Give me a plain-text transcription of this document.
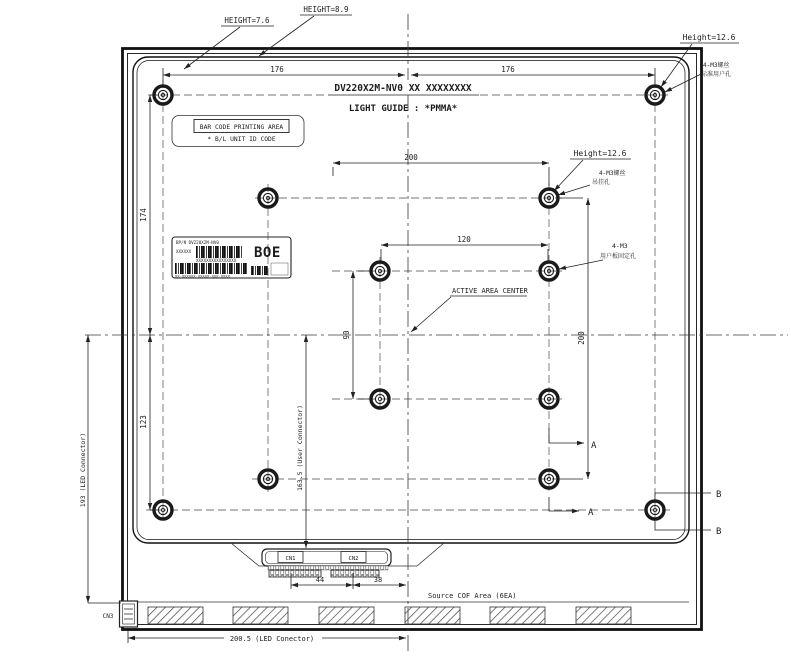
DV220X2M-NV0 XX XXXXXXXX
LIGHT GUIDE : *PMMA*
HEIGHT=7.6
HEIGHT=8.9
Height=12.6
4-M3螺丝
标准用户孔
Height=12.6
4-M3螺丝
吊挂孔
4-M3
用户板固定孔
ACTIVE AREA CENTER
Source COF Area (6EA)
BAR CODE PRINTING AREA
* B/L UNIT ID CODE
BP/N DV220X2M-NV0
XXXXXX
XXXXXXXXXXXXXXXX BOE
XX-XXXXXX-XXXXX-XXX-XXXX
176	176
200
120
90	200
174
123
193 (LED Connector)	163.5 (User Connector)
44	38
200.5 (LED Conector)
CN1	CN2
CN3
A
A
B
B
